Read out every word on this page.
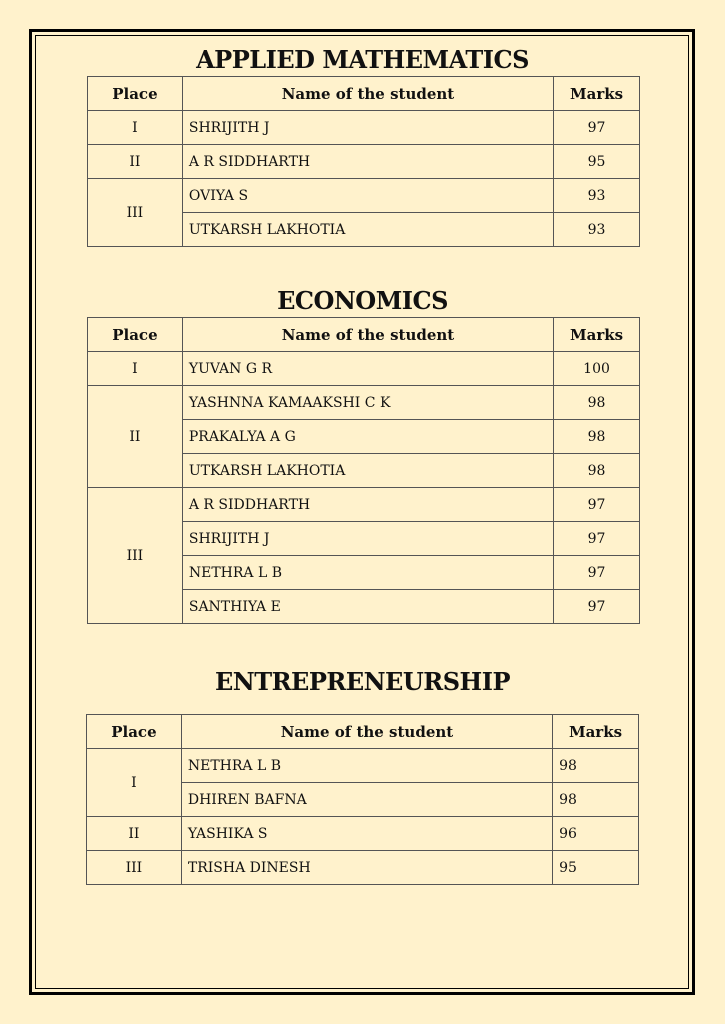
APPLIED MATHEMATICS
ECONOMICS
ENTREPRENEURSHIP
Place	Name of the student	Marks
I	SHRIJITH J	97
II	A R SIDDHARTH	95
III	OVIYA S	93
	UTKARSH LAKHOTIA	93
Place	Name of the student	Marks
I	YUVAN G R	100
II	YASHNNA KAMAAKSHI C K	98
	PRAKALYA A G	98
	UTKARSH LAKHOTIA	98
III	A R SIDDHARTH	97
	SHRIJITH J	97
	NETHRA L B	97
	SANTHIYA E	97
Place	Name of the student	Marks
I	NETHRA L B	98
	DHIREN BAFNA	98
II	YASHIKA S	96
III	TRISHA DINESH	95
